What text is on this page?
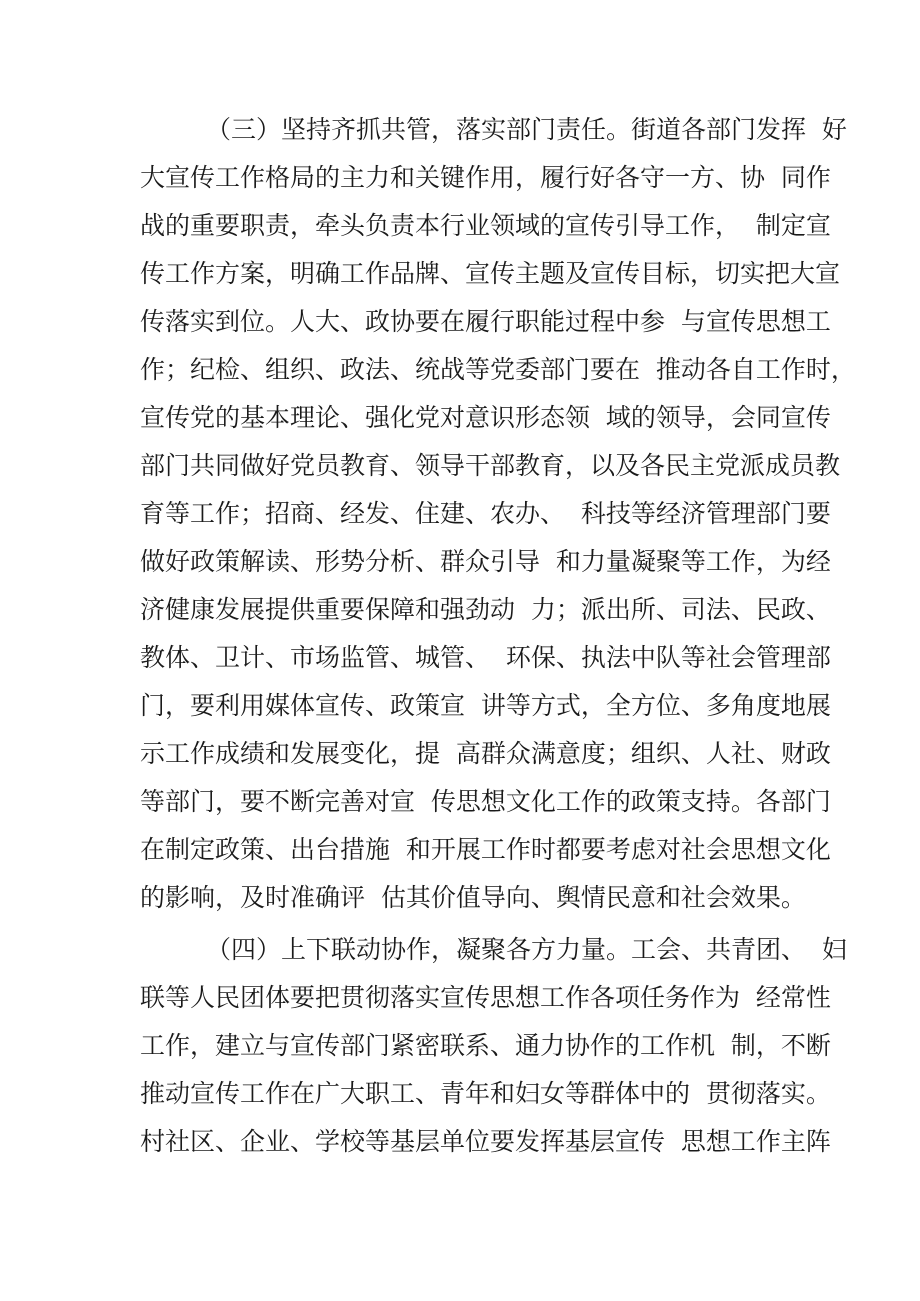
（三）坚持齐抓共管，落实部门责任。街道各部门发挥  好
大宣传工作格局的主力和关键作用，履行好各守一方、协  同作
战的重要职责，牵头负责本行业领域的宣传引导工作，  制定宣
传工作方案，明确工作品牌、宣传主题及宣传目标，切实把大宣
传落实到位。人大、政协要在履行职能过程中参  与宣传思想工
作；纪检、组织、政法、统战等党委部门要在  推动各自工作时，
宣传党的基本理论、强化党对意识形态领  域的领导，会同宣传
部门共同做好党员教育、领导干部教育，以及各民主党派成员教
育等工作；招商、经发、住建、农办、  科技等经济管理部门要
做好政策解读、形势分析、群众引导  和力量凝聚等工作，为经
济健康发展提供重要保障和强劲动  力；派出所、司法、民政、
教体、卫计、市场监管、城管、  环保、执法中队等社会管理部
门，要利用媒体宣传、政策宣  讲等方式，全方位、多角度地展
示工作成绩和发展变化，提  高群众满意度；组织、人社、财政
等部门，要不断完善对宣  传思想文化工作的政策支持。各部门
在制定政策、出台措施  和开展工作时都要考虑对社会思想文化
的影响，及时准确评  估其价值导向、舆情民意和社会效果。
（四）上下联动协作，凝聚各方力量。工会、共青团、  妇
联等人民团体要把贯彻落实宣传思想工作各项任务作为  经常性
工作，建立与宣传部门紧密联系、通力协作的工作机  制，不断
推动宣传工作在广大职工、青年和妇女等群体中的  贯彻落实。
村社区、企业、学校等基层单位要发挥基层宣传  思想工作主阵
